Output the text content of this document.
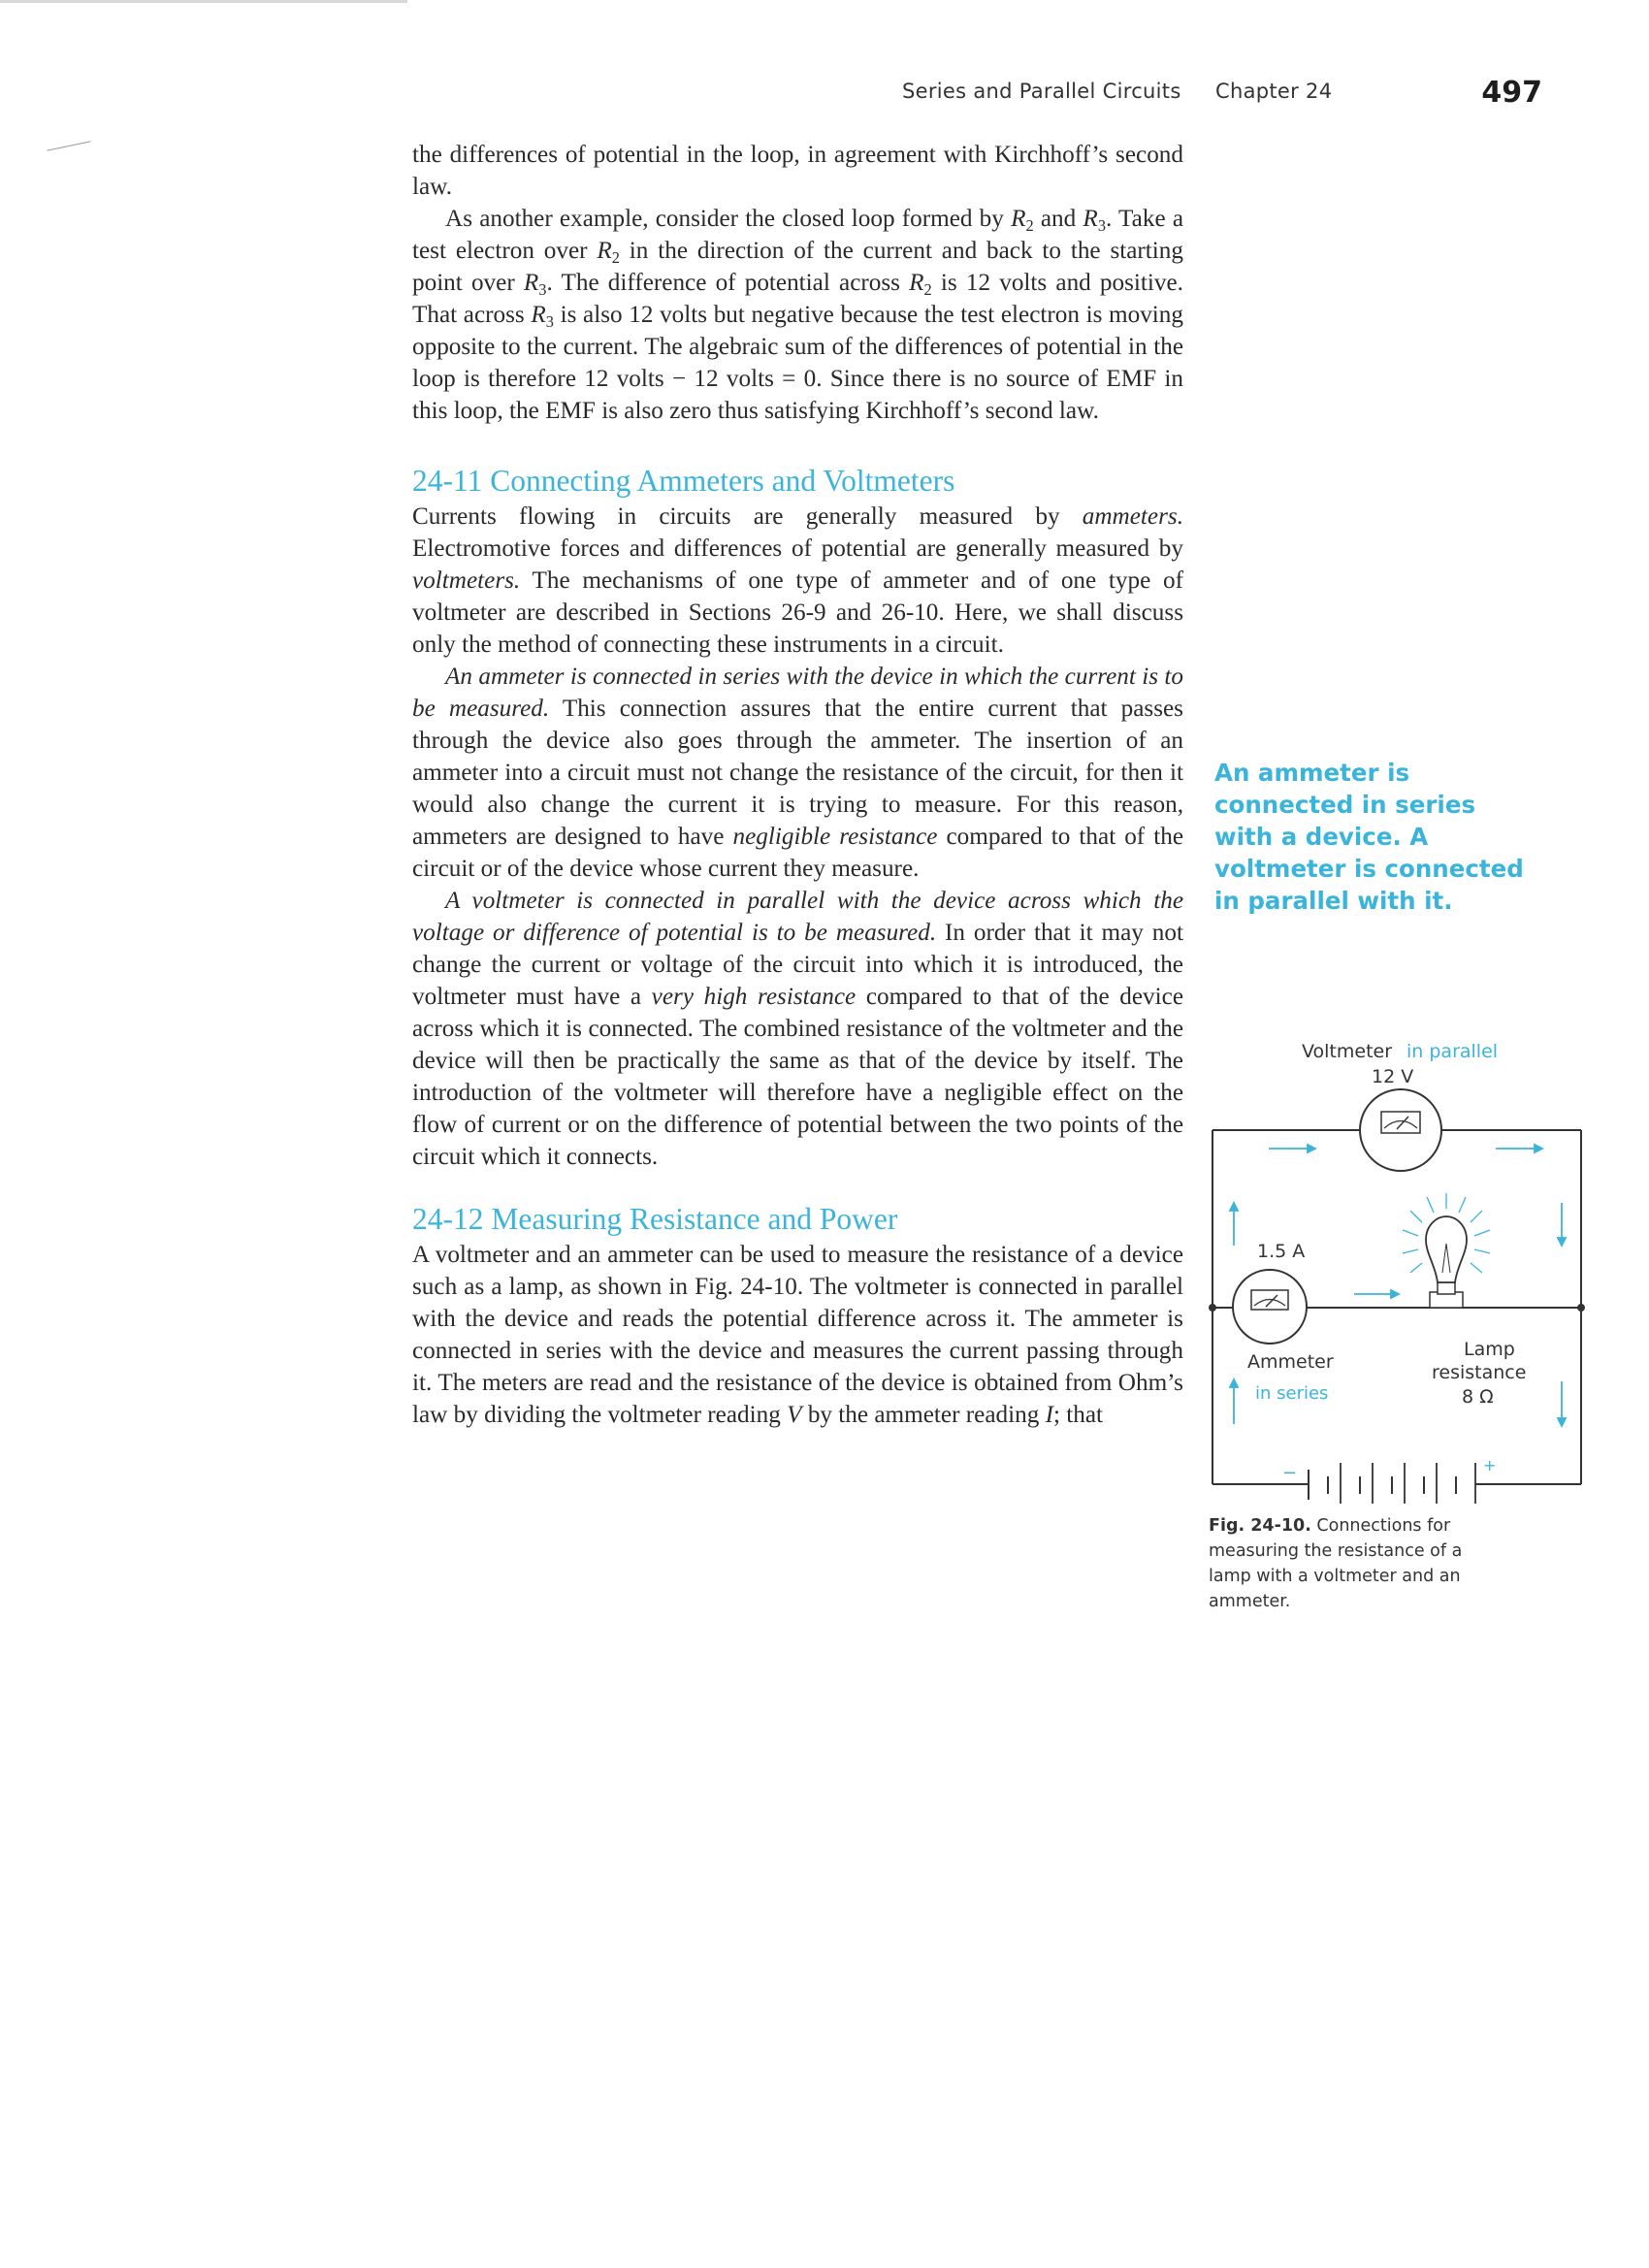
Series and Parallel Circuits Chapter 24	497

the differences of potential in the loop, in agreement with Kirchhoff’s second law.

As another example, consider the closed loop formed by $R_2$ and $R_3$. Take a test electron over $R_2$ in the direction of the current and back to the starting point over $R_3$. The difference of potential across $R_2$ is 12 volts and positive. That across $R_3$ is also 12 volts but negative because the test electron is moving opposite to the current. The algebraic sum of the differences of potential in the loop is therefore 12 volts − 12 volts = 0. Since there is no source of EMF in this loop, the EMF is also zero thus satisfying Kirchhoff’s second law.

24-11 Connecting Ammeters and Voltmeters

Currents flowing in circuits are generally measured by ammeters. Electromotive forces and differences of potential are generally measured by voltmeters. The mechanisms of one type of ammeter and of one type of voltmeter are described in Sections 26-9 and 26-10. Here, we shall discuss only the method of connecting these instruments in a circuit.

An ammeter is connected in series with the device in which the current is to be measured. This connection assures that the entire current that passes through the device also goes through the ammeter. The insertion of an ammeter into a circuit must not change the resistance of the circuit, for then it would also change the current it is trying to measure. For this reason, ammeters are designed to have negligible resistance compared to that of the circuit or of the device whose current they measure.

A voltmeter is connected in parallel with the device across which the voltage or difference of potential is to be measured. In order that it may not change the current or voltage of the circuit into which it is introduced, the voltmeter must have a very high resistance compared to that of the device across which it is connected. The combined resistance of the voltmeter and the device will then be practically the same as that of the device by itself. The introduction of the voltmeter will therefore have a negligible effect on the flow of current or on the difference of potential between the two points of the circuit which it connects.

24-12 Measuring Resistance and Power

A voltmeter and an ammeter can be used to measure the resistance of a device such as a lamp, as shown in Fig. 24-10. The voltmeter is connected in parallel with the device and reads the potential difference across it. The ammeter is connected in series with the device and measures the current passing through it. The meters are read and the resistance of the device is obtained from Ohm’s law by dividing the voltmeter reading V by the ammeter reading I; that

An ammeter is connected in series with a device. A voltmeter is connected in parallel with it.
Voltmeter in parallel
12 V
1.5 A
Ammeter
in series
Lamp
resistance
8 Ω
−	+
Fig. 24-10. Connections for measuring the resistance of a lamp with a voltmeter and an ammeter.
